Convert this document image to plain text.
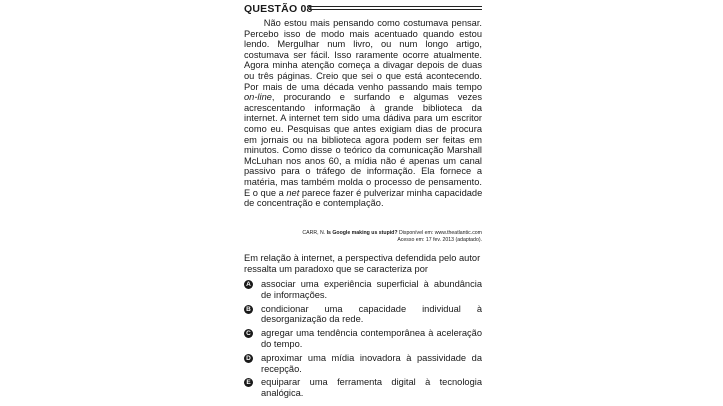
QUESTÃO 08
Não estou mais pensando como costumava pensar.
Percebo isso de modo mais acentuado quando estou
lendo. Mergulhar num livro, ou num longo artigo,
costumava ser fácil. Isso raramente ocorre atualmente.
Agora minha atenção começa a divagar depois de duas
ou três páginas. Creio que sei o que está acontecendo.
Por mais de uma década venho passando mais tempo
on-line, procurando e surfando e algumas vezes
acrescentando informação à grande biblioteca da
internet. A internet tem sido uma dádiva para um escritor
como eu. Pesquisas que antes exigiam dias de procura
em jornais ou na biblioteca agora podem ser feitas em
minutos. Como disse o teórico da comunicação Marshall
McLuhan nos anos 60, a mídia não é apenas um canal
passivo para o tráfego de informação. Ela fornece a
matéria, mas também molda o processo de pensamento.
E o que a net parece fazer é pulverizar minha capacidade
de concentração e contemplação.
CARR, N. Is Google making us stupid? Disponível em: www.theatlantic.com
Acesso em: 17 fev. 2013 (adaptado).
Em relação à internet, a perspectiva defendida pelo autor
ressalta um paradoxo que se caracteriza por
A associar uma experiência superficial à abundância
de informações.
B condicionar uma capacidade individual à
desorganização da rede.
C agregar uma tendência contemporânea à aceleração
do tempo.
D aproximar uma mídia inovadora à passividade da
recepção.
E equiparar uma ferramenta digital à tecnologia
analógica.
